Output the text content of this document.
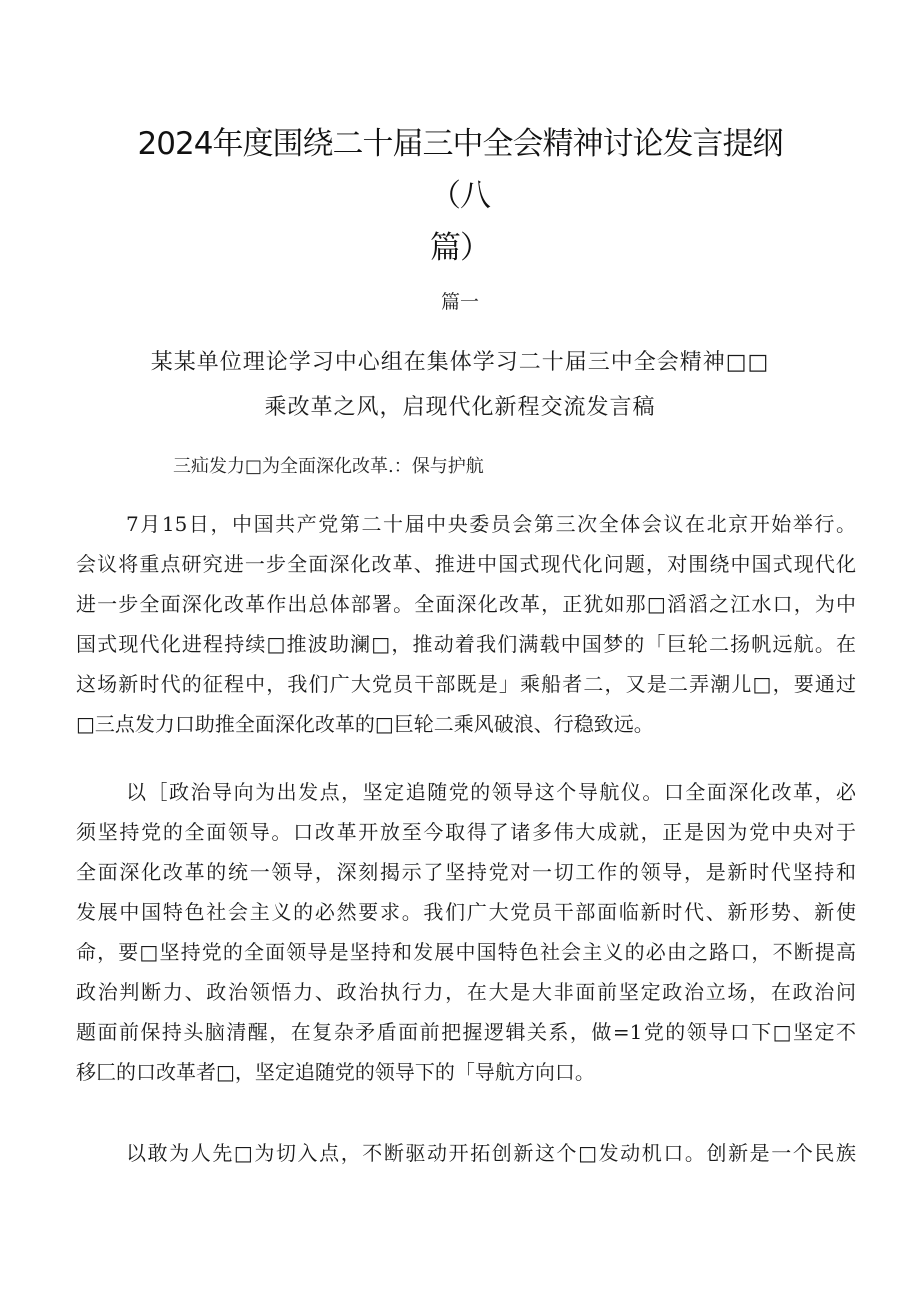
2024年度围绕二十届三中全会精神讨论发言提纲（八
篇）
篇一
某某单位理论学习中心组在集体学习二十届三中全会精神□□
乘改革之风，启现代化新程交流发言稿
三疝发力□为全面深化改革.：保与护航
7月15日，中国共产党第二十届中央委员会第三次全体会议在北京开始举行。
会议将重点研究进一步全面深化改革、推进中国式现代化问题，对围绕中国式现代化
进一步全面深化改革作出总体部署。全面深化改革，正犹如那□滔滔之江水口，为中
国式现代化进程持续□推波助澜□，推动着我们满载中国梦的「巨轮二扬帆远航。在
这场新时代的征程中，我们广大党员干部既是」乘船者二，又是二弄潮儿□，要通过
□三点发力口助推全面深化改革的□巨轮二乘风破浪、行稳致远。
以［政治导向为出发点，坚定追随党的领导这个导航仪。口全面深化改革，必
须坚持党的全面领导。口改革开放至今取得了诸多伟大成就，正是因为党中央对于
全面深化改革的统一领导，深刻揭示了坚持党对一切工作的领导，是新时代坚持和
发展中国特色社会主义的必然要求。我们广大党员干部面临新时代、新形势、新使
命，要□坚持党的全面领导是坚持和发展中国特色社会主义的必由之路口，不断提高
政治判断力、政治领悟力、政治执行力，在大是大非面前坚定政治立场，在政治问
题面前保持头脑清醒，在复杂矛盾面前把握逻辑关系，做=1党的领导口下□坚定不
移匚的口改革者□，坚定追随党的领导下的「导航方向口。
以敢为人先□为切入点，不断驱动开拓创新这个□发动机口。创新是一个民族
